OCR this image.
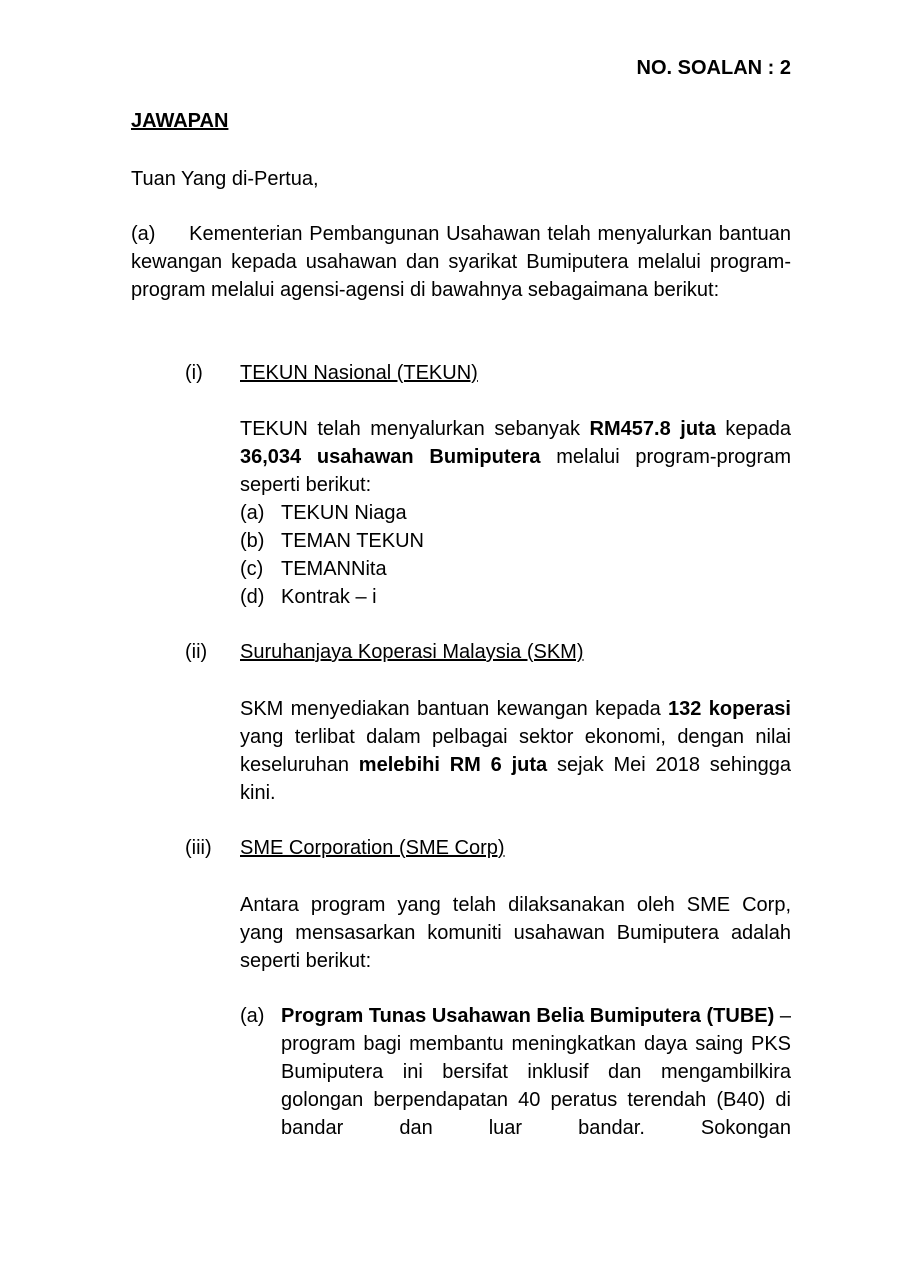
NO. SOALAN : 2
JAWAPAN
Tuan Yang di-Pertua,
(a) Kementerian Pembangunan Usahawan telah menyalurkan bantuan kewangan kepada usahawan dan syarikat Bumiputera melalui program-program melalui agensi-agensi di bawahnya sebagaimana berikut:
(i) TEKUN Nasional (TEKUN)
TEKUN telah menyalurkan sebanyak RM457.8 juta kepada 36,034 usahawan Bumiputera melalui program-program seperti berikut:
(a) TEKUN Niaga
(b) TEMAN TEKUN
(c) TEMANNita
(d) Kontrak – i
(ii) Suruhanjaya Koperasi Malaysia (SKM)
SKM menyediakan bantuan kewangan kepada 132 koperasi yang terlibat dalam pelbagai sektor ekonomi, dengan nilai keseluruhan melebihi RM 6 juta sejak Mei 2018 sehingga kini.
(iii) SME Corporation (SME Corp)
Antara program yang telah dilaksanakan oleh SME Corp, yang mensasarkan komuniti usahawan Bumiputera adalah seperti berikut:
(a) Program Tunas Usahawan Belia Bumiputera (TUBE) – program bagi membantu meningkatkan daya saing PKS Bumiputera ini bersifat inklusif dan mengambilkira golongan berpendapatan 40 peratus terendah (B40) di bandar dan luar bandar. Sokongan
